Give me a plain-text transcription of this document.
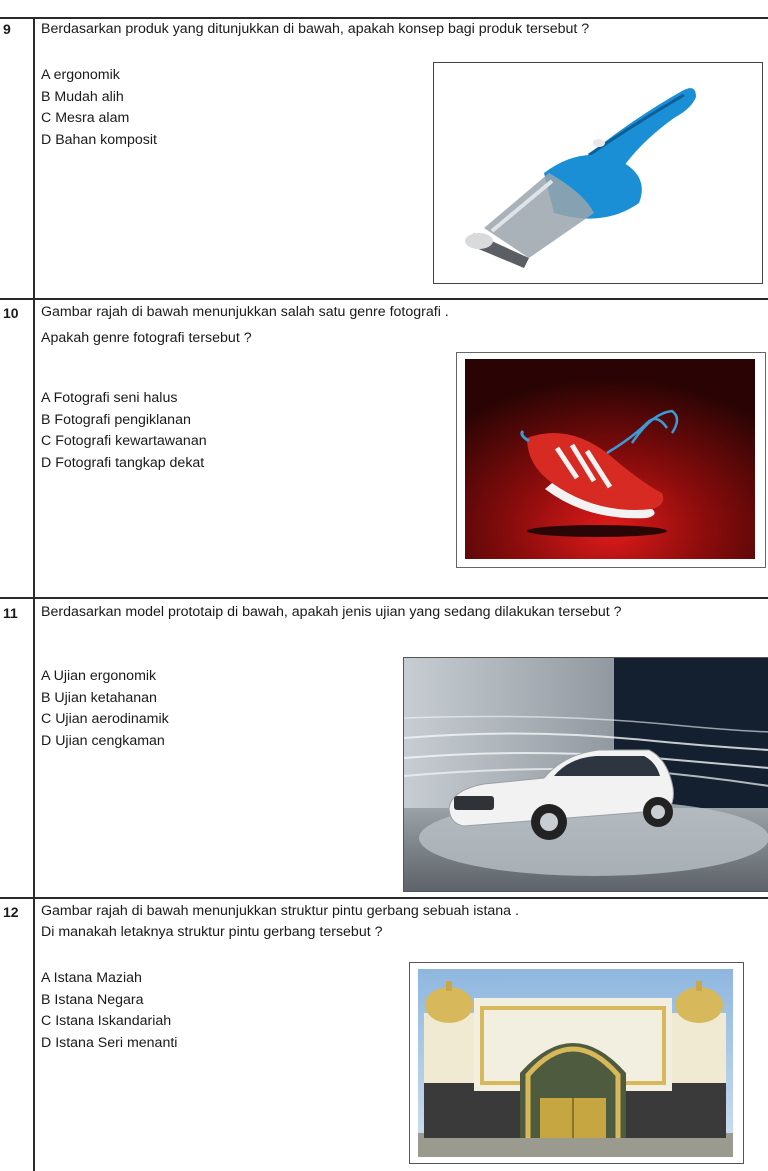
9	Berdasarkan produk yang ditunjukkan di bawah, apakah konsep bagi produk tersebut ?
A ergonomik
B Mudah alih
C Mesra alam
D Bahan komposit
10	Gambar rajah di bawah menunjukkan salah satu genre fotografi .
Apakah genre fotografi tersebut ?
A Fotografi seni halus
B Fotografi pengiklanan
C Fotografi kewartawanan
D Fotografi tangkap dekat
11	Berdasarkan model prototaip di bawah, apakah jenis ujian yang sedang dilakukan tersebut ?
A Ujian ergonomik
B Ujian ketahanan
C Ujian aerodinamik
D Ujian cengkaman
12	Gambar rajah di bawah menunjukkan struktur pintu gerbang sebuah istana .
Di manakah letaknya struktur pintu gerbang tersebut ?
A Istana Maziah
B Istana Negara
C Istana Iskandariah
D Istana Seri menanti
